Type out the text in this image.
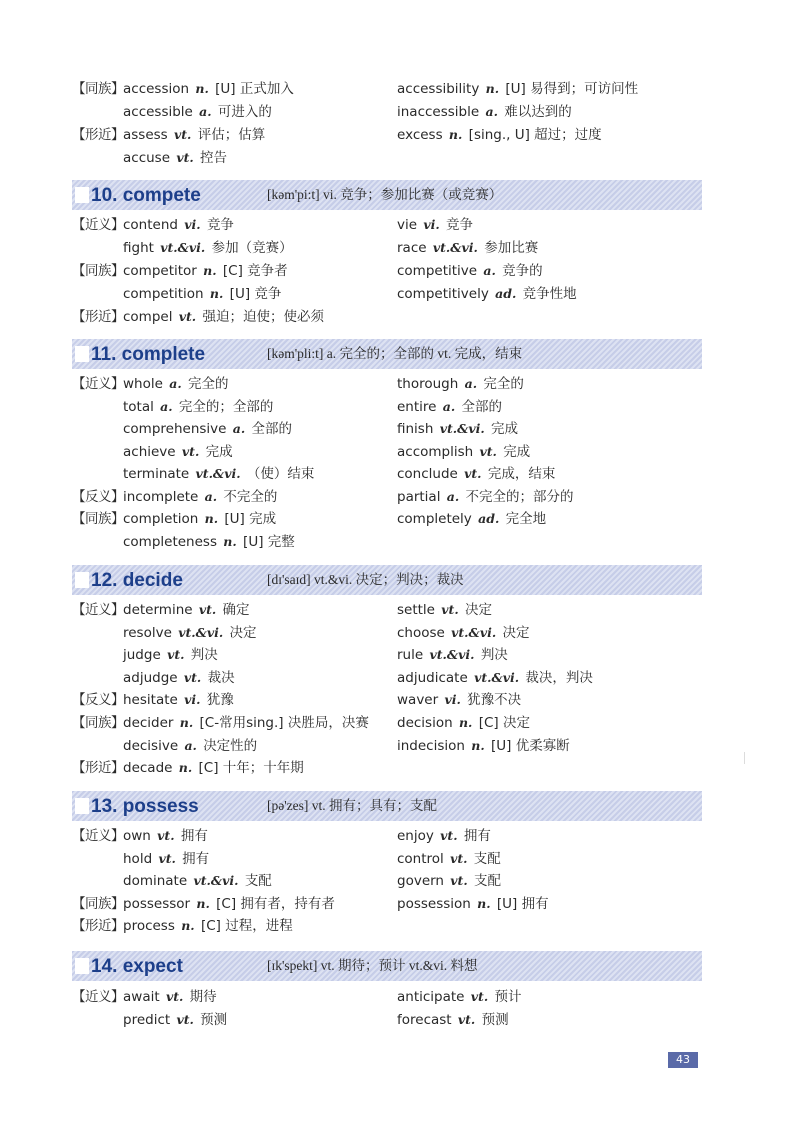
【同族】 accession n. [U] 正式加入	accessibility n. [U] 易得到；可访问性
accessible a. 可进入的	inaccessible a. 难以达到的
【形近】 assess vt. 评估；估算	excess n. [sing., U] 超过；过度
accuse vt. 控告
10. compete	[kəm'pi:t] vi. 竞争；参加比赛（或竞赛）
【近义】 contend vi. 竞争	vie vi. 竞争
fight vt.&vi. 参加（竞赛）	race vt.&vi. 参加比赛
【同族】 competitor n. [C] 竞争者	competitive a. 竞争的
competition n. [U] 竞争	competitively ad. 竞争性地
【形近】 compel vt. 强迫；迫使；使必须
11. complete	[kəm'pli:t] a. 完全的；全部的 vt. 完成，结束
【近义】 whole a. 完全的	thorough a. 完全的
total a. 完全的；全部的	entire a. 全部的
comprehensive a. 全部的	finish vt.&vi. 完成
achieve vt. 完成	accomplish vt. 完成
terminate vt.&vi. （使）结束	conclude vt. 完成，结束
【反义】 incomplete a. 不完全的	partial a. 不完全的；部分的
【同族】 completion n. [U] 完成	completely ad. 完全地
completeness n. [U] 完整
12. decide	[dɪ'saɪd] vt.&vi. 决定；判决；裁决
【近义】 determine vt. 确定	settle vt. 决定
resolve vt.&vi. 决定	choose vt.&vi. 决定
judge vt. 判决	rule vt.&vi. 判决
adjudge vt. 裁决	adjudicate vt.&vi. 裁决，判决
【反义】 hesitate vi. 犹豫	waver vi. 犹豫不决
【同族】 decider n. [C-常用sing.] 决胜局，决赛 decision n. [C] 决定
decisive a. 决定性的	indecision n. [U] 优柔寡断
【形近】 decade n. [C] 十年；十年期
13. possess	[pə'zes] vt. 拥有；具有；支配
【近义】 own vt. 拥有	enjoy vt. 拥有
hold vt. 拥有	control vt. 支配
dominate vt.&vi. 支配	govern vt. 支配
【同族】 possessor n. [C] 拥有者，持有者	possession n. [U] 拥有
【形近】 process n. [C] 过程，进程
14. expect	[ɪk'spekt] vt. 期待；预计 vt.&vi. 料想
【近义】 await vt. 期待	anticipate vt. 预计
predict vt. 预测	forecast vt. 预测
43
